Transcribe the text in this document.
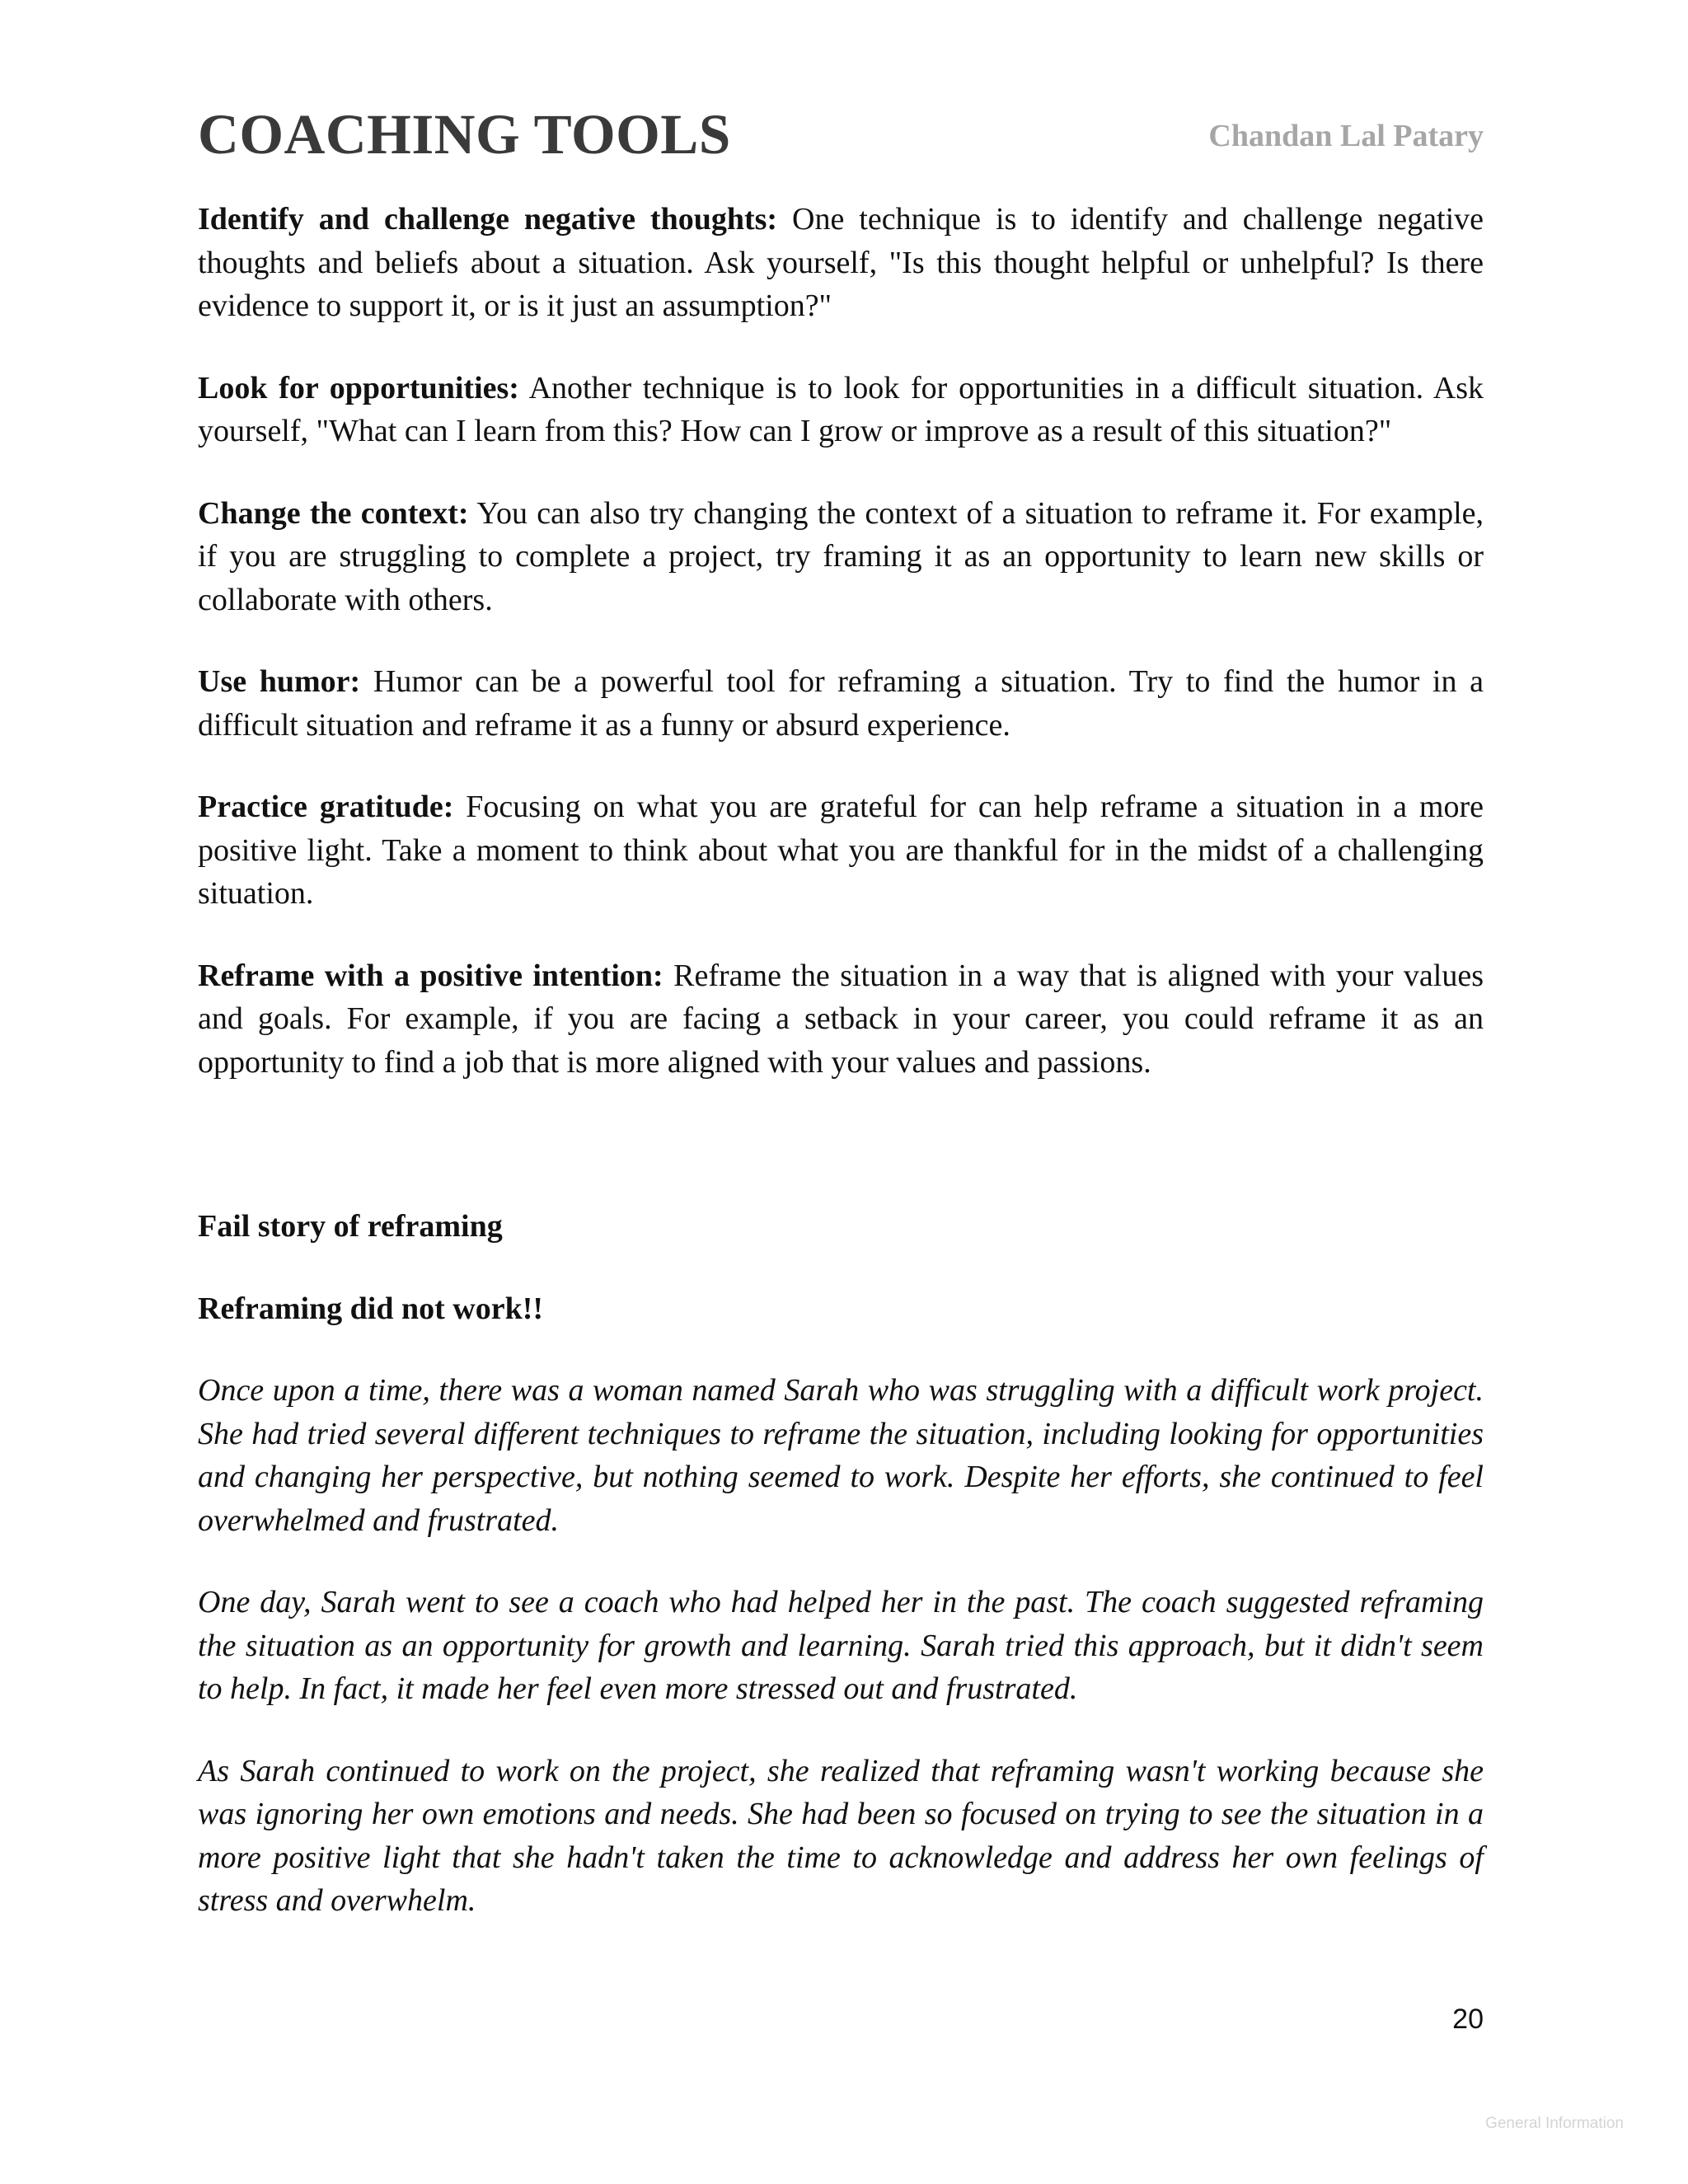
COACHING TOOLS	Chandan Lal Patary

Identify and challenge negative thoughts: One technique is to identify and challenge negative thoughts and beliefs about a situation. Ask yourself, "Is this thought helpful or unhelpful? Is there evidence to support it, or is it just an assumption?"

Look for opportunities: Another technique is to look for opportunities in a difficult situation. Ask yourself, "What can I learn from this? How can I grow or improve as a result of this situation?"

Change the context: You can also try changing the context of a situation to reframe it. For example, if you are struggling to complete a project, try framing it as an opportunity to learn new skills or collaborate with others.

Use humor: Humor can be a powerful tool for reframing a situation. Try to find the humor in a difficult situation and reframe it as a funny or absurd experience.

Practice gratitude: Focusing on what you are grateful for can help reframe a situation in a more positive light. Take a moment to think about what you are thankful for in the midst of a challenging situation.

Reframe with a positive intention: Reframe the situation in a way that is aligned with your values and goals. For example, if you are facing a setback in your career, you could reframe it as an opportunity to find a job that is more aligned with your values and passions.

Fail story of reframing

Reframing did not work!!

Once upon a time, there was a woman named Sarah who was struggling with a difficult work project. She had tried several different techniques to reframe the situation, including looking for opportunities and changing her perspective, but nothing seemed to work. Despite her efforts, she continued to feel overwhelmed and frustrated.

One day, Sarah went to see a coach who had helped her in the past. The coach suggested reframing the situation as an opportunity for growth and learning. Sarah tried this approach, but it didn't seem to help. In fact, it made her feel even more stressed out and frustrated.

As Sarah continued to work on the project, she realized that reframing wasn't working because she was ignoring her own emotions and needs. She had been so focused on trying to see the situation in a more positive light that she hadn't taken the time to acknowledge and address her own feelings of stress and overwhelm.

20
General Information
